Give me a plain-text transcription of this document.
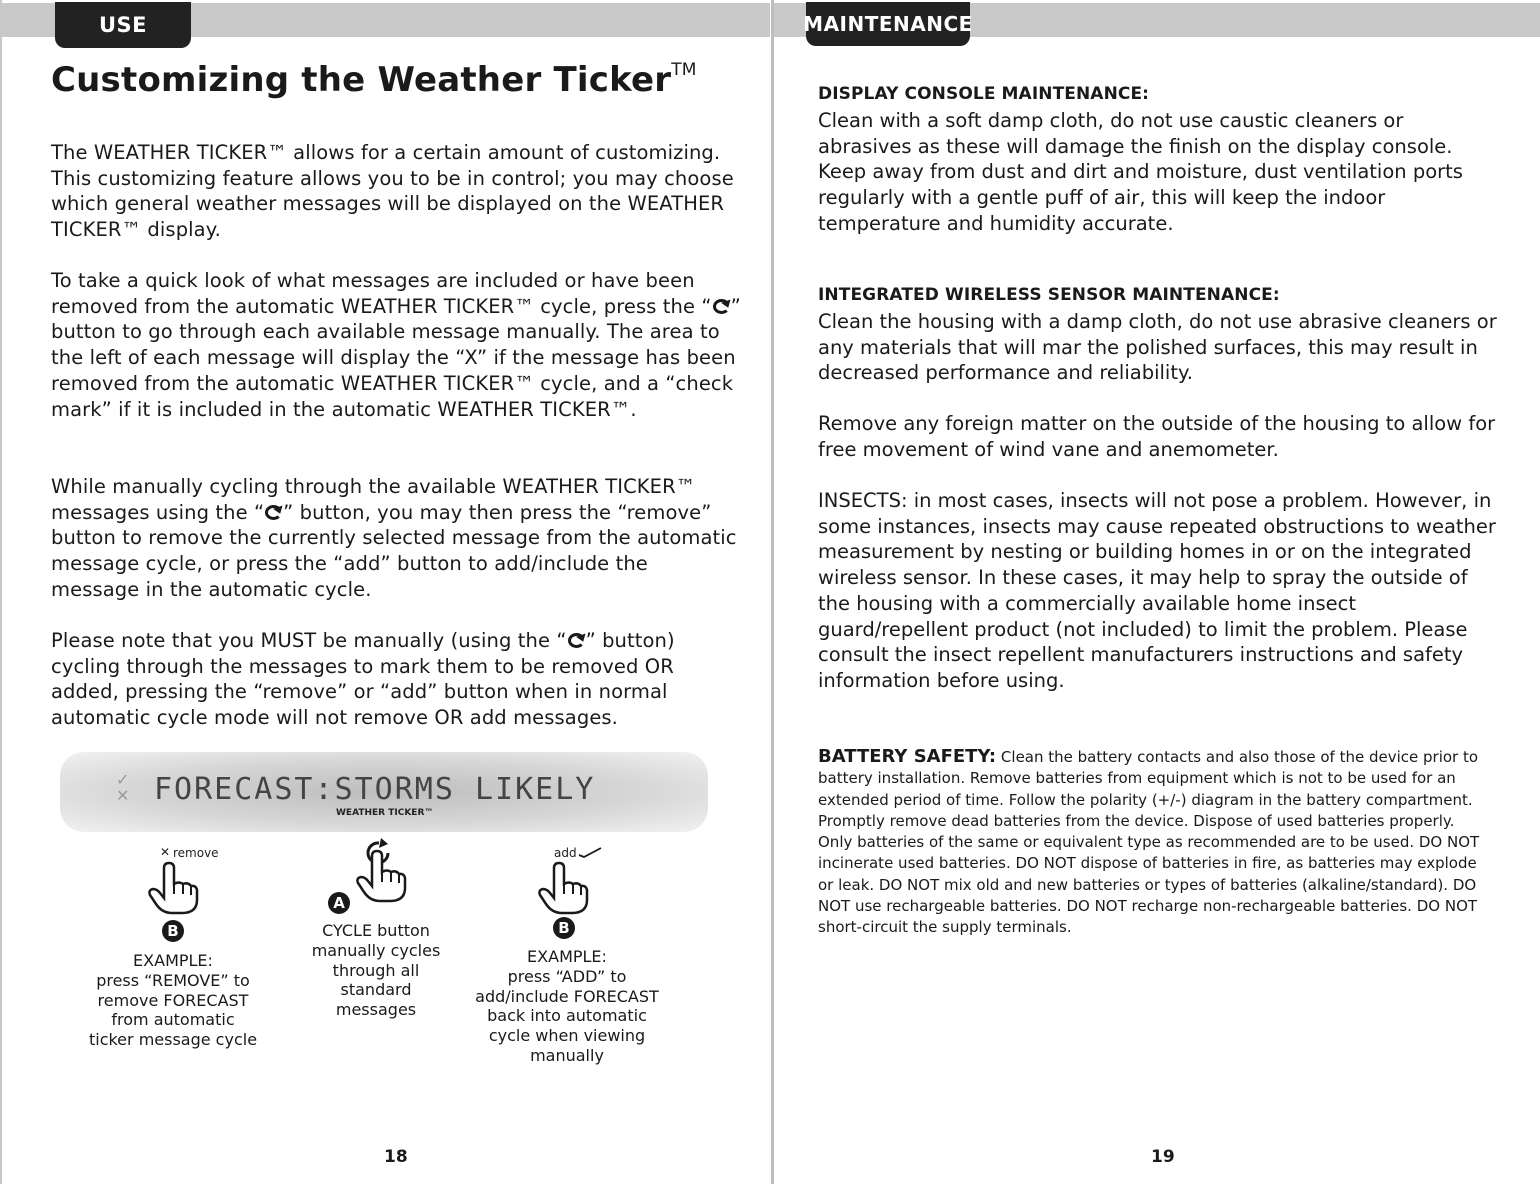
USE
Customizing the Weather Ticker™

The WEATHER TICKER™ allows for a certain amount of customizing. This customizing feature allows you to be in control; you may choose which general weather messages will be displayed on the WEATHER TICKER™ display.

To take a quick look of what messages are included or have been removed from the automatic WEATHER TICKER™ cycle, press the “ ” button to go through each available message manually. The area to the left of each message will display the “X” if the message has been removed from the automatic WEATHER TICKER™ cycle, and a “check mark” if it is included in the automatic WEATHER TICKER™.

While manually cycling through the available WEATHER TICKER™ messages using the “ ” button, you may then press the “remove” button to remove the currently selected message from the automatic message cycle, or press the “add” button to add/include the message in the automatic cycle.

Please note that you MUST be manually (using the “ ” button) cycling through the messages to mark them to be removed OR added, pressing the “remove” or “add” button when in normal automatic cycle mode will not remove OR add messages.

✓
✕ FORECAST:STORMS LIKELY

WEATHER TICKER™

✕ remove
B
A
add
B

EXAMPLE:
press “REMOVE” to
remove FORECAST
from automatic
ticker message cycle

CYCLE button
manually cycles
through all
standard
messages

EXAMPLE:
press “ADD” to
add/include FORECAST
back into automatic
cycle when viewing
manually

18

MAINTENANCE

DISPLAY CONSOLE MAINTENANCE:

Clean with a soft damp cloth, do not use caustic cleaners or abrasives as these will damage the finish on the display console. Keep away from dust and dirt and moisture, dust ventilation ports regularly with a gentle puff of air, this will keep the indoor temperature and humidity accurate.

INTEGRATED WIRELESS SENSOR MAINTENANCE:

Clean the housing with a damp cloth, do not use abrasive cleaners or any materials that will mar the polished surfaces, this may result in decreased performance and reliability.

Remove any foreign matter on the outside of the housing to allow for free movement of wind vane and anemometer.

INSECTS: in most cases, insects will not pose a problem. However, in some instances, insects may cause repeated obstructions to weather measurement by nesting or building homes in or on the integrated wireless sensor. In these cases, it may help to spray the outside of the housing with a commercially available home insect guard/repellent product (not included) to limit the problem. Please consult the insect repellent manufacturers instructions and safety information before using.

BATTERY SAFETY: Clean the battery contacts and also those of the device prior to battery installation. Remove batteries from equipment which is not to be used for an extended period of time. Follow the polarity (+/-) diagram in the battery compartment. Promptly remove dead batteries from the device. Dispose of used batteries properly. Only batteries of the same or equivalent type as recommended are to be used. DO NOT incinerate used batteries. DO NOT dispose of batteries in fire, as batteries may explode or leak. DO NOT mix old and new batteries or types of batteries (alkaline/standard). DO NOT use rechargeable batteries. DO NOT recharge non-rechargeable batteries. DO NOT short-circuit the supply terminals.

19
